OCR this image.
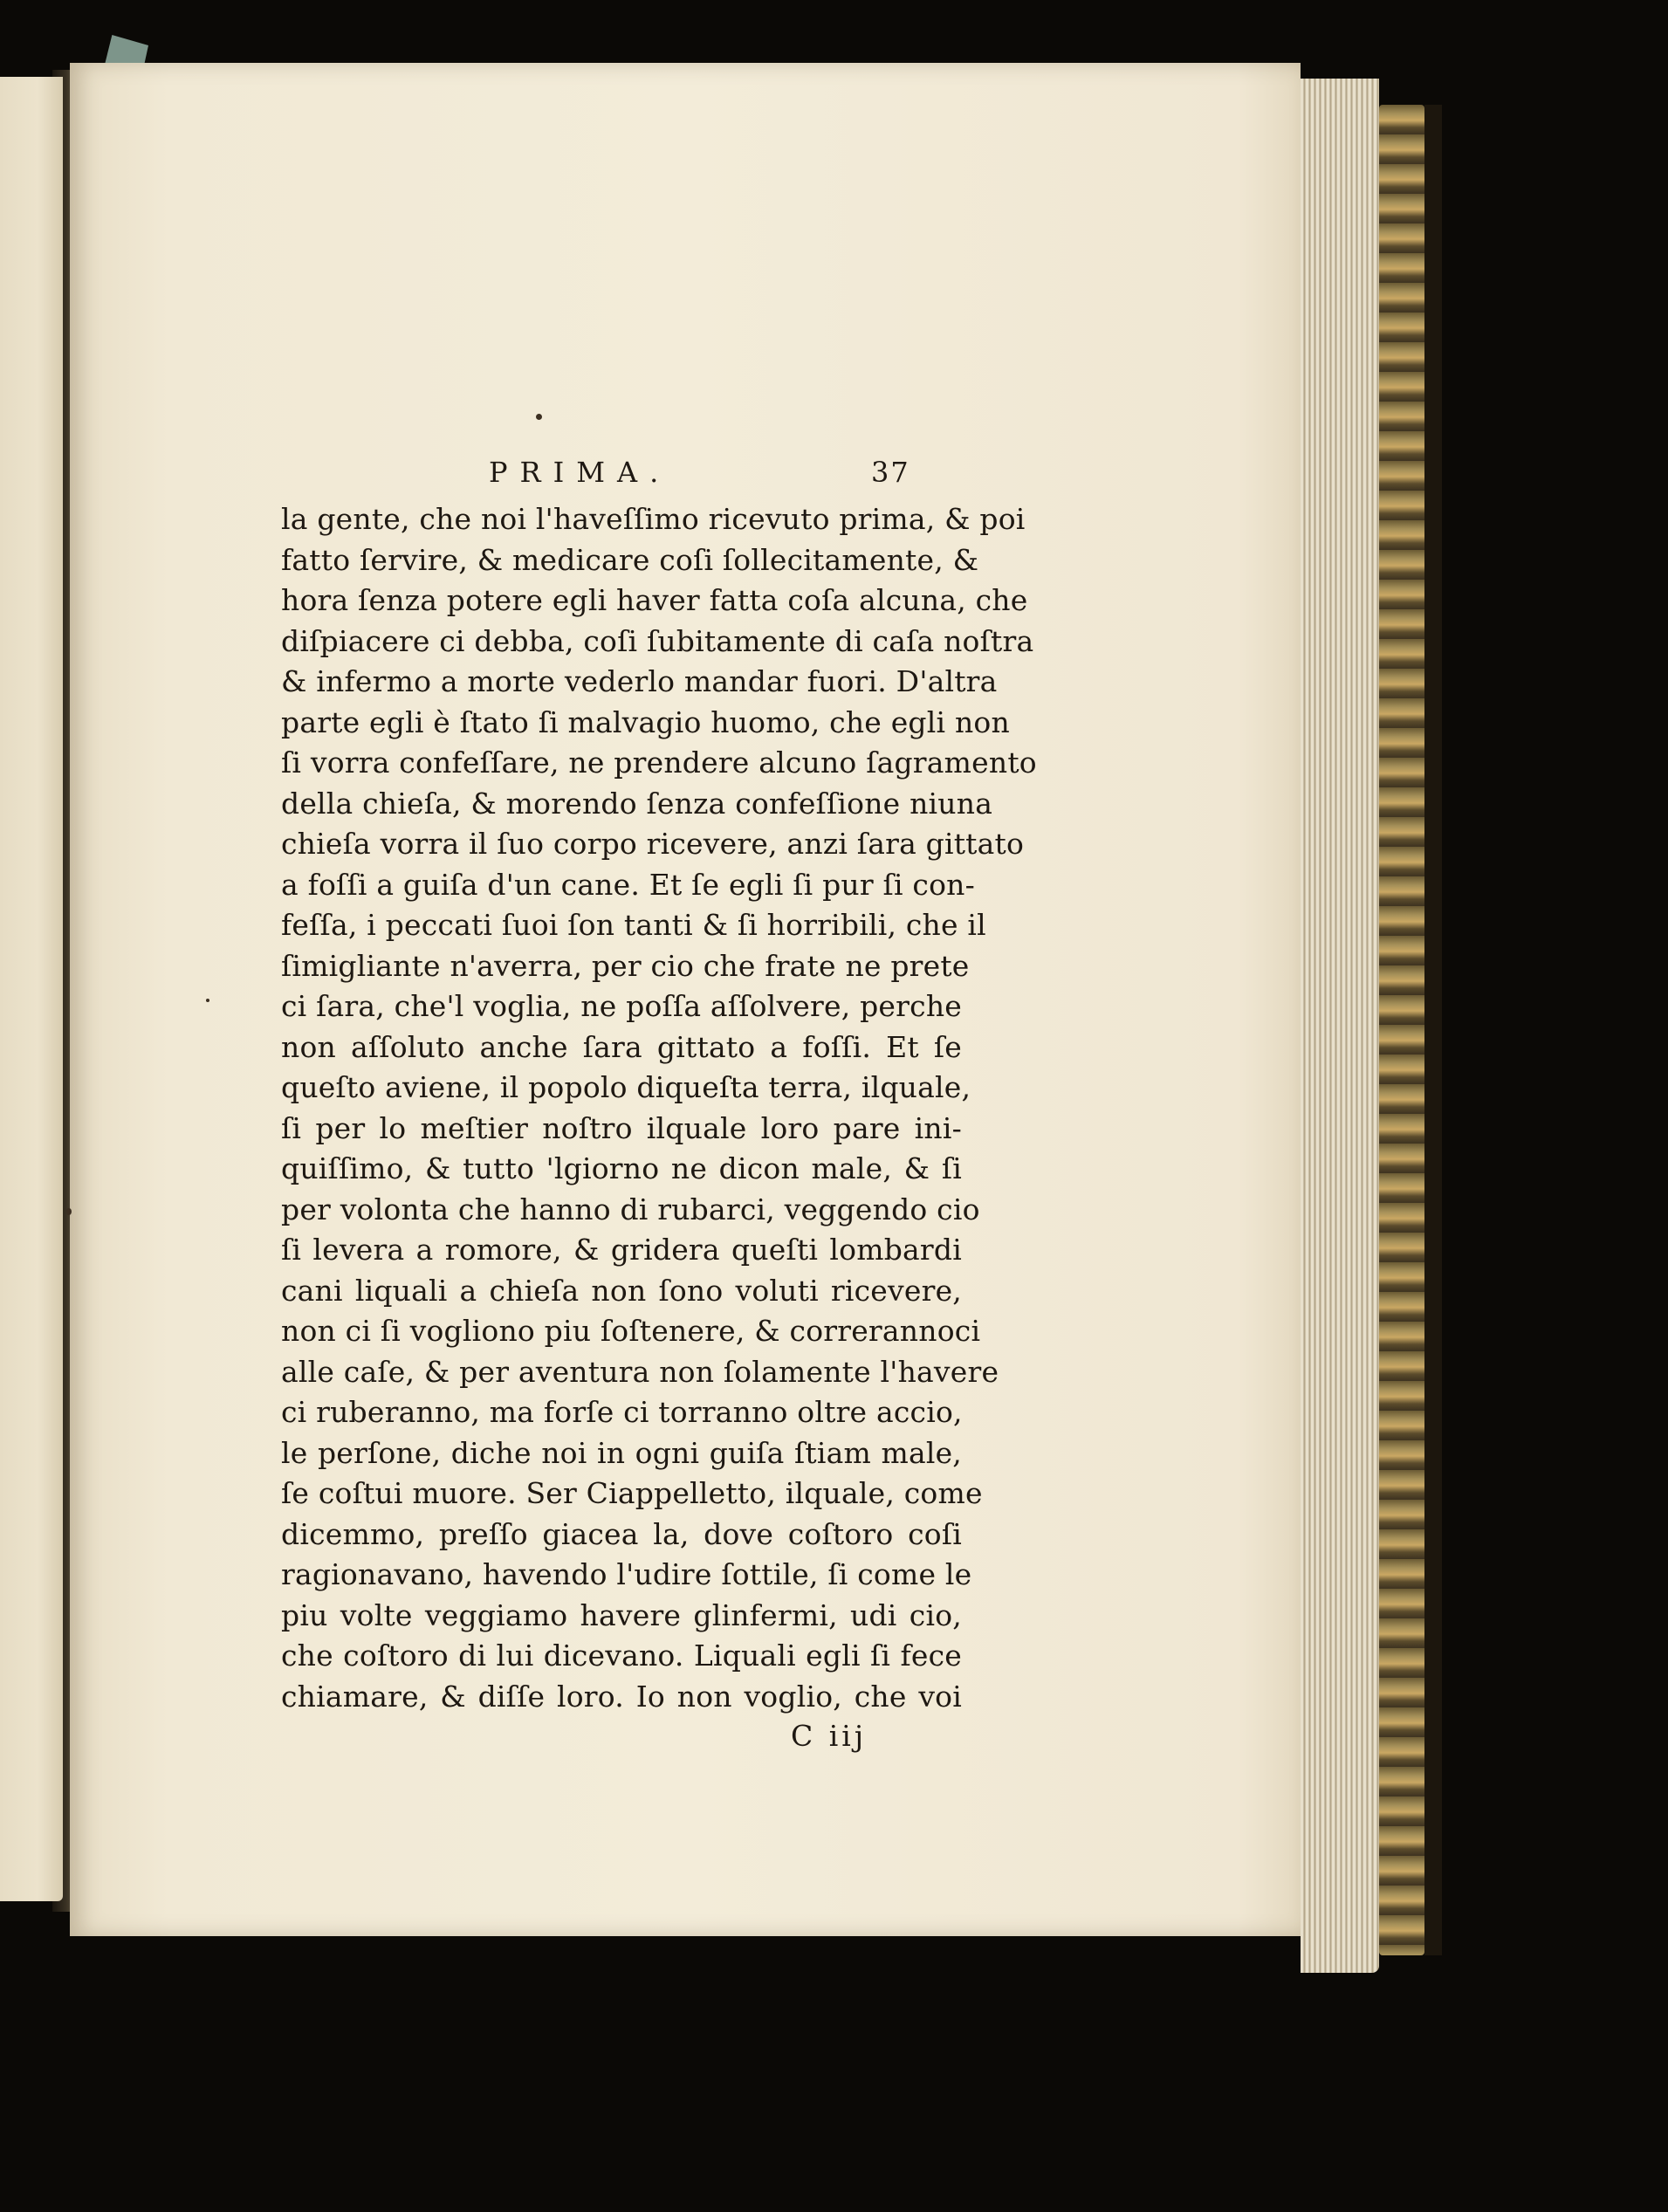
PRIMA.	37
la gente, che noi l'haveſſimo ricevuto prima, & poi
fatto ſervire, & medicare coſi ſollecitamente, &
hora ſenza potere egli haver fatta coſa alcuna, che
diſpiacere ci debba, coſi ſubitamente di caſa noſtra
& infermo a morte vederlo mandar fuori. D'altra
parte egli è ſtato ſi malvagio huomo, che egli non
ſi vorra confeſſare, ne prendere alcuno ſagramento
della chieſa, & morendo ſenza confeſſione niuna
chieſa vorra il ſuo corpo ricevere, anzi ſara gittato
a foſſi a guiſa d'un cane. Et ſe egli ſi pur ſi con-
feſſa, i peccati ſuoi ſon tanti & ſi horribili, che il
ſimigliante n'averra, per cio che frate ne prete
ci ſara, che'l voglia, ne poſſa aſſolvere, perche
non aſſoluto anche ſara gittato a foſſi. Et ſe
queſto aviene, il popolo diqueſta terra, ilquale,
ſi per lo meſtier noſtro ilquale loro pare ini-
quiſſimo, & tutto 'lgiorno ne dicon male, & ſi
per volonta che hanno di rubarci, veggendo cio
ſi levera a romore, & gridera queſti lombardi
cani liquali a chieſa non ſono voluti ricevere,
non ci ſi vogliono piu ſoſtenere, & correrannoci
alle caſe, & per aventura non ſolamente l'havere
ci ruberanno, ma forſe ci torranno oltre accio,
le perſone, diche noi in ogni guiſa ſtiam male,
ſe coſtui muore. Ser Ciappelletto, ilquale, come
dicemmo, preſſo giacea la, dove coſtoro coſi
ragionavano, havendo l'udire ſottile, ſi come le
piu volte veggiamo havere glinfermi, udi cio,
che coſtoro di lui dicevano. Liquali egli ſi fece
chiamare, & diſſe loro. Io non voglio, che voi
C iij
